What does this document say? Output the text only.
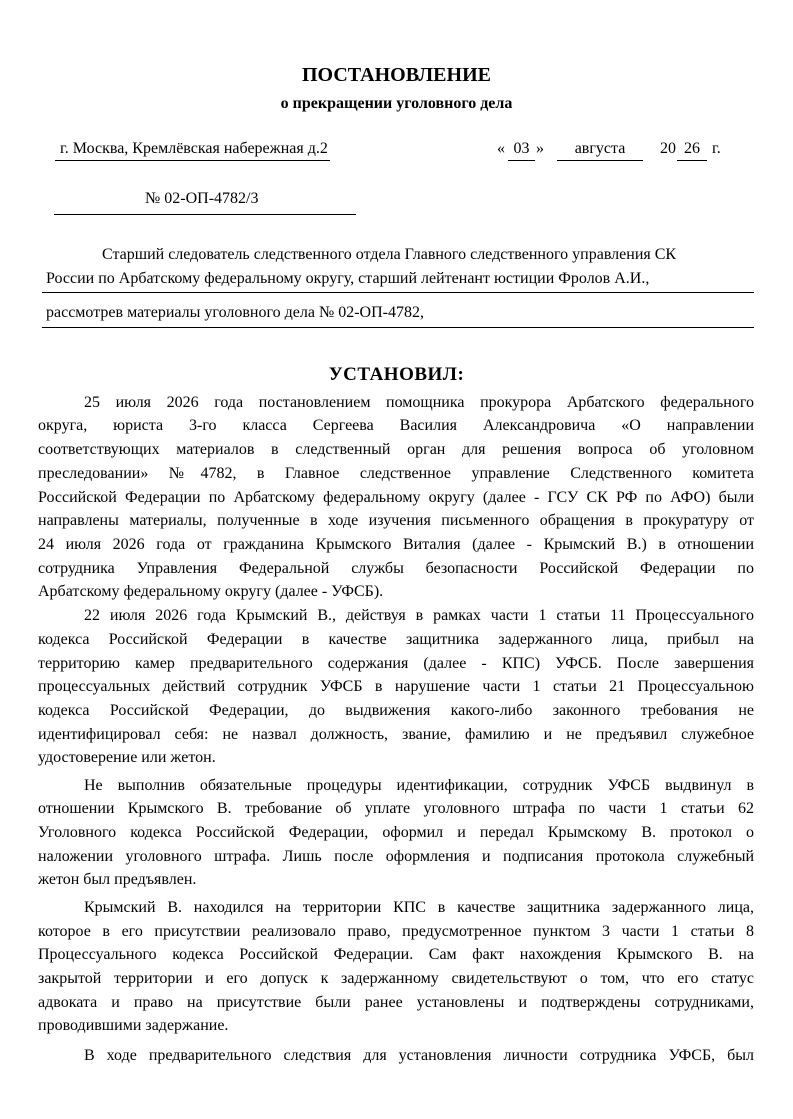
ПОСТАНОВЛЕНИЕ
о прекращении уголовного дела
г. Москва, Кремлёвская набережная д.2	« 03 »	августа	20 26 г.
№ 02-ОП-4782/3
Старший следователь следственного отдела Главного следственного управления СК
России по Арбатскому федеральному округу, старший лейтенант юстиции Фролов А.И.,
рассмотрев материалы уголовного дела № 02-ОП-4782,
УСТАНОВИЛ:
25 июля 2026 года постановлением помощника прокурора Арбатского федерального
округа, юриста 3-го класса Сергеева Василия Александровича «О направлении
соответствующих материалов в следственный орган для решения вопроса об уголовном
преследовании» №4782, в Главное следственное управление Следственного комитета
Российской Федерации по Арбатскому федеральному округу (далее - ГСУ СК РФ по АФО) были
направлены материалы, полученные в ходе изучения письменного обращения в прокуратуру от
24 июля 2026 года от гражданина Крымского Виталия (далее - Крымский В.) в отношении
сотрудника Управления Федеральной службы безопасности Российской Федерации по
Арбатскому федеральному округу (далее - УФСБ).
22 июля 2026 года Крымский В., действуя в рамках части 1 статьи 11 Процессуального
кодекса Российской Федерации в качестве защитника задержанного лица, прибыл на
территорию камер предварительного содержания (далее - КПС) УФСБ. После завершения
процессуальных действий сотрудник УФСБ в нарушение части 1 статьи 21 Процессуальною
кодекса Российской Федерации, до выдвижения какого-либо законного требования не
идентифицировал себя: не назвал должность, звание, фамилию и не предъявил служебное
удостоверение или жетон.
Не выполнив обязательные процедуры идентификации, сотрудник УФСБ выдвинул в
отношении Крымского В. требование об уплате уголовного штрафа по части 1 статьи 62
Уголовного кодекса Российской Федерации, оформил и передал Крымскому В. протокол о
наложении уголовного штрафа. Лишь после оформления и подписания протокола служебный
жетон был предъявлен.
Крымский В. находился на территории КПС в качестве защитника задержанного лица,
которое в его присутствии реализовало право, предусмотренное пунктом 3 части 1 статьи 8
Процессуального кодекса Российской Федерации. Сам факт нахождения Крымского В. на
закрытой территории и его допуск к задержанному свидетельствуют о том, что его статус
адвоката и право на присутствие были ранее установлены и подтверждены сотрудниками,
проводившими задержание.
В ходе предварительного следствия для установления личности сотрудника УФСБ, был
